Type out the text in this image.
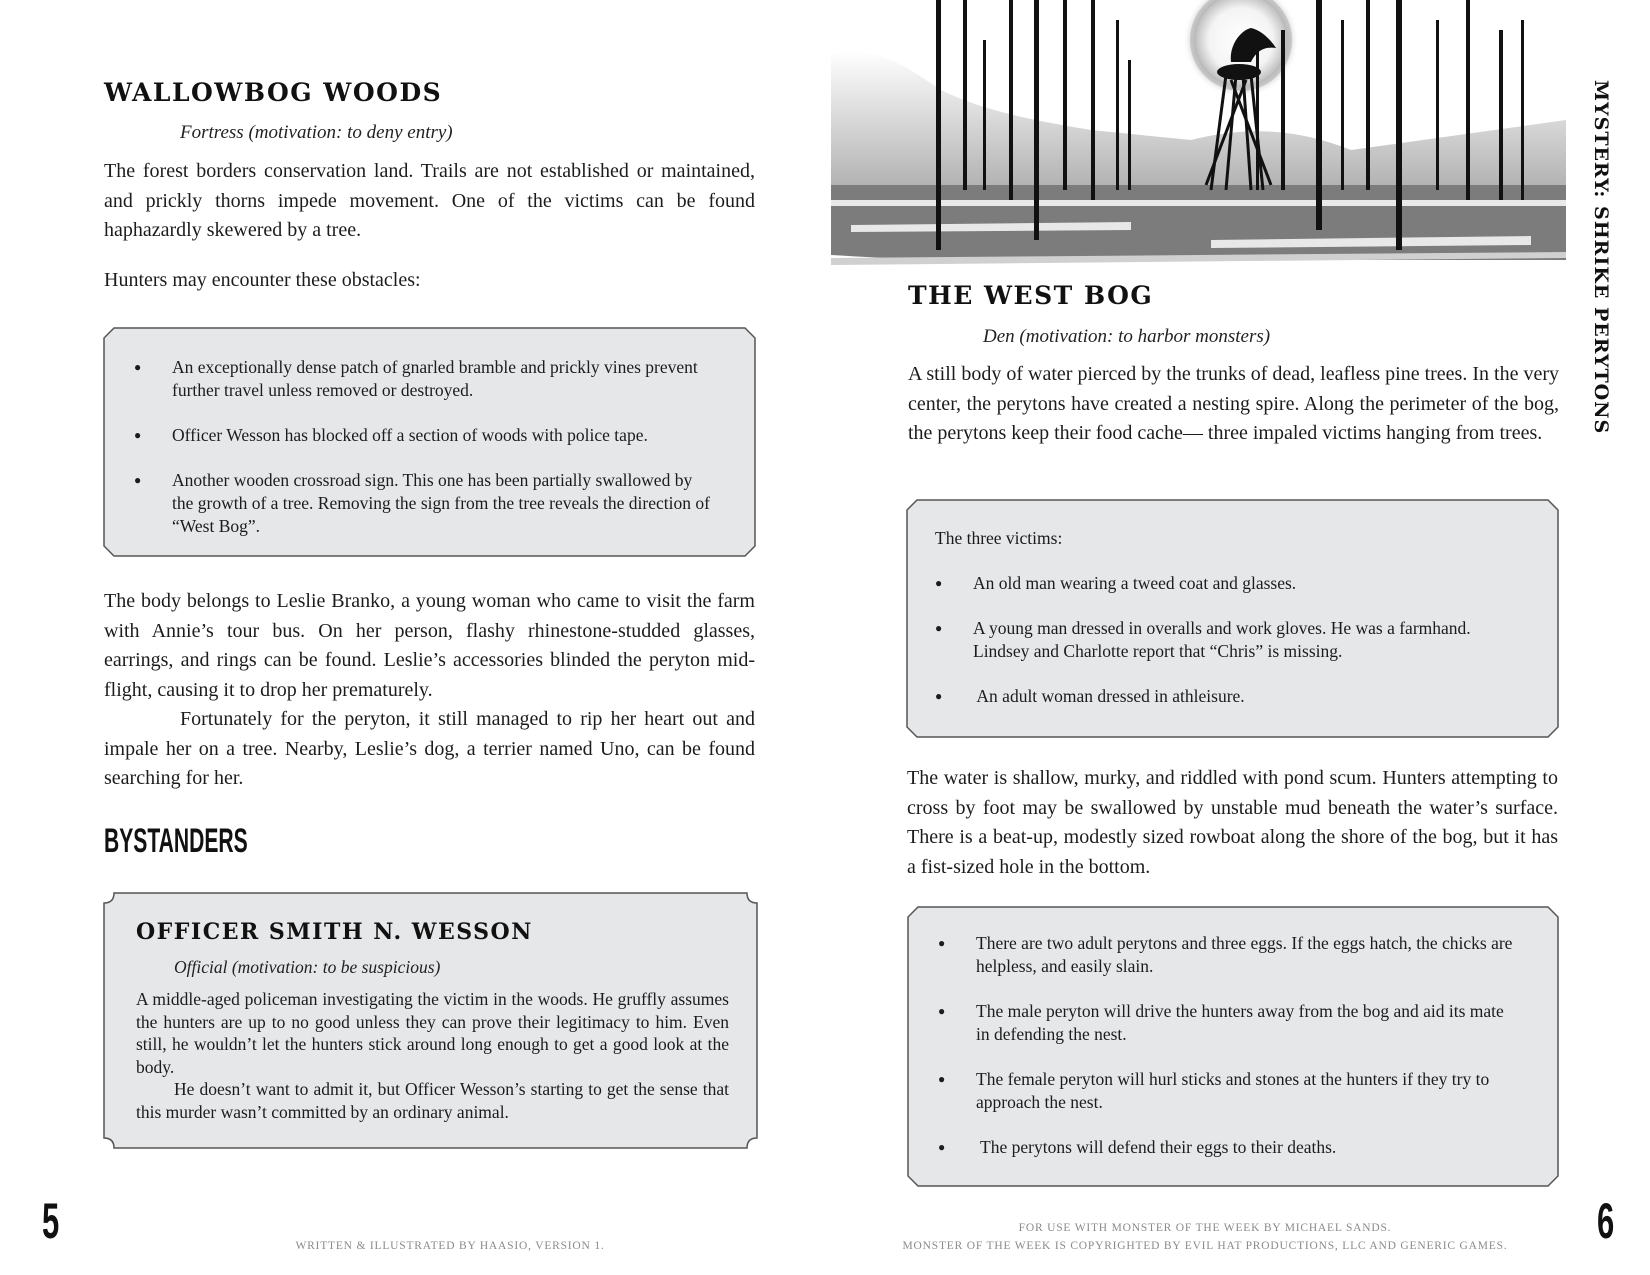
WALLOWBOG WOODS
Fortress (motivation: to deny entry)

The forest borders conservation land. Trails are not established or maintained, and prickly thorns impede movement. One of the victims can be found haphazardly skewered by a tree.

Hunters may encounter these obstacles:

● An exceptionally dense patch of gnarled bramble and prickly vines prevent further travel unless removed or destroyed.
● Officer Wesson has blocked off a section of woods with police tape.
● Another wooden crossroad sign. This one has been partially swallowed by the growth of a tree. Removing the sign from the tree reveals the direction of “West Bog”.

The body belongs to Leslie Branko, a young woman who came to visit the farm with Annie’s tour bus. On her person, flashy rhinestone-studded glasses, earrings, and rings can be found. Leslie’s accessories blinded the peryton mid-flight, causing it to drop her prematurely.

Fortunately for the peryton, it still managed to rip her heart out and impale her on a tree. Nearby, Leslie’s dog, a terrier named Uno, can be found searching for her.

BYSTANDERS
OFFICER SMITH N. WESSON
Official (motivation: to be suspicious)

A middle-aged policeman investigating the victim in the woods. He gruffly assumes the hunters are up to no good unless they can prove their legitimacy to him. Even still, he wouldn’t let the hunters stick around long enough to get a good look at the body.

He doesn’t want to admit it, but Officer Wesson’s starting to get the sense that this murder wasn’t committed by an ordinary animal.

5	WRITTEN & ILLUSTRATED BY HAASIO, VERSION 1.
THE WEST BOG
Den (motivation: to harbor monsters)

A still body of water pierced by the trunks of dead, leafless pine trees. In the very center, the perytons have created a nesting spire. Along the perimeter of the bog, the perytons keep their food cache— three impaled victims hanging from trees.

The three victims:
● An old man wearing a tweed coat and glasses.
● A young man dressed in overalls and work gloves. He was a farmhand. Lindsey and Charlotte report that “Chris” is missing.
● An adult woman dressed in athleisure.

The water is shallow, murky, and riddled with pond scum. Hunters attempting to cross by foot may be swallowed by unstable mud beneath the water’s surface. There is a beat-up, modestly sized rowboat along the shore of the bog, but it has a fist-sized hole in the bottom.

● There are two adult perytons and three eggs. If the eggs hatch, the chicks are helpless, and easily slain.
● The male peryton will drive the hunters away from the bog and aid its mate in defending the nest.
● The female peryton will hurl sticks and stones at the hunters if they try to approach the nest.
● The perytons will defend their eggs to their deaths.
MYSTERY: SHRIKE PERYTONS
FOR USE WITH MONSTER OF THE WEEK BY MICHAEL SANDS.
MONSTER OF THE WEEK IS COPYRIGHTED BY EVIL HAT PRODUCTIONS, LLC AND GENERIC GAMES.	6
